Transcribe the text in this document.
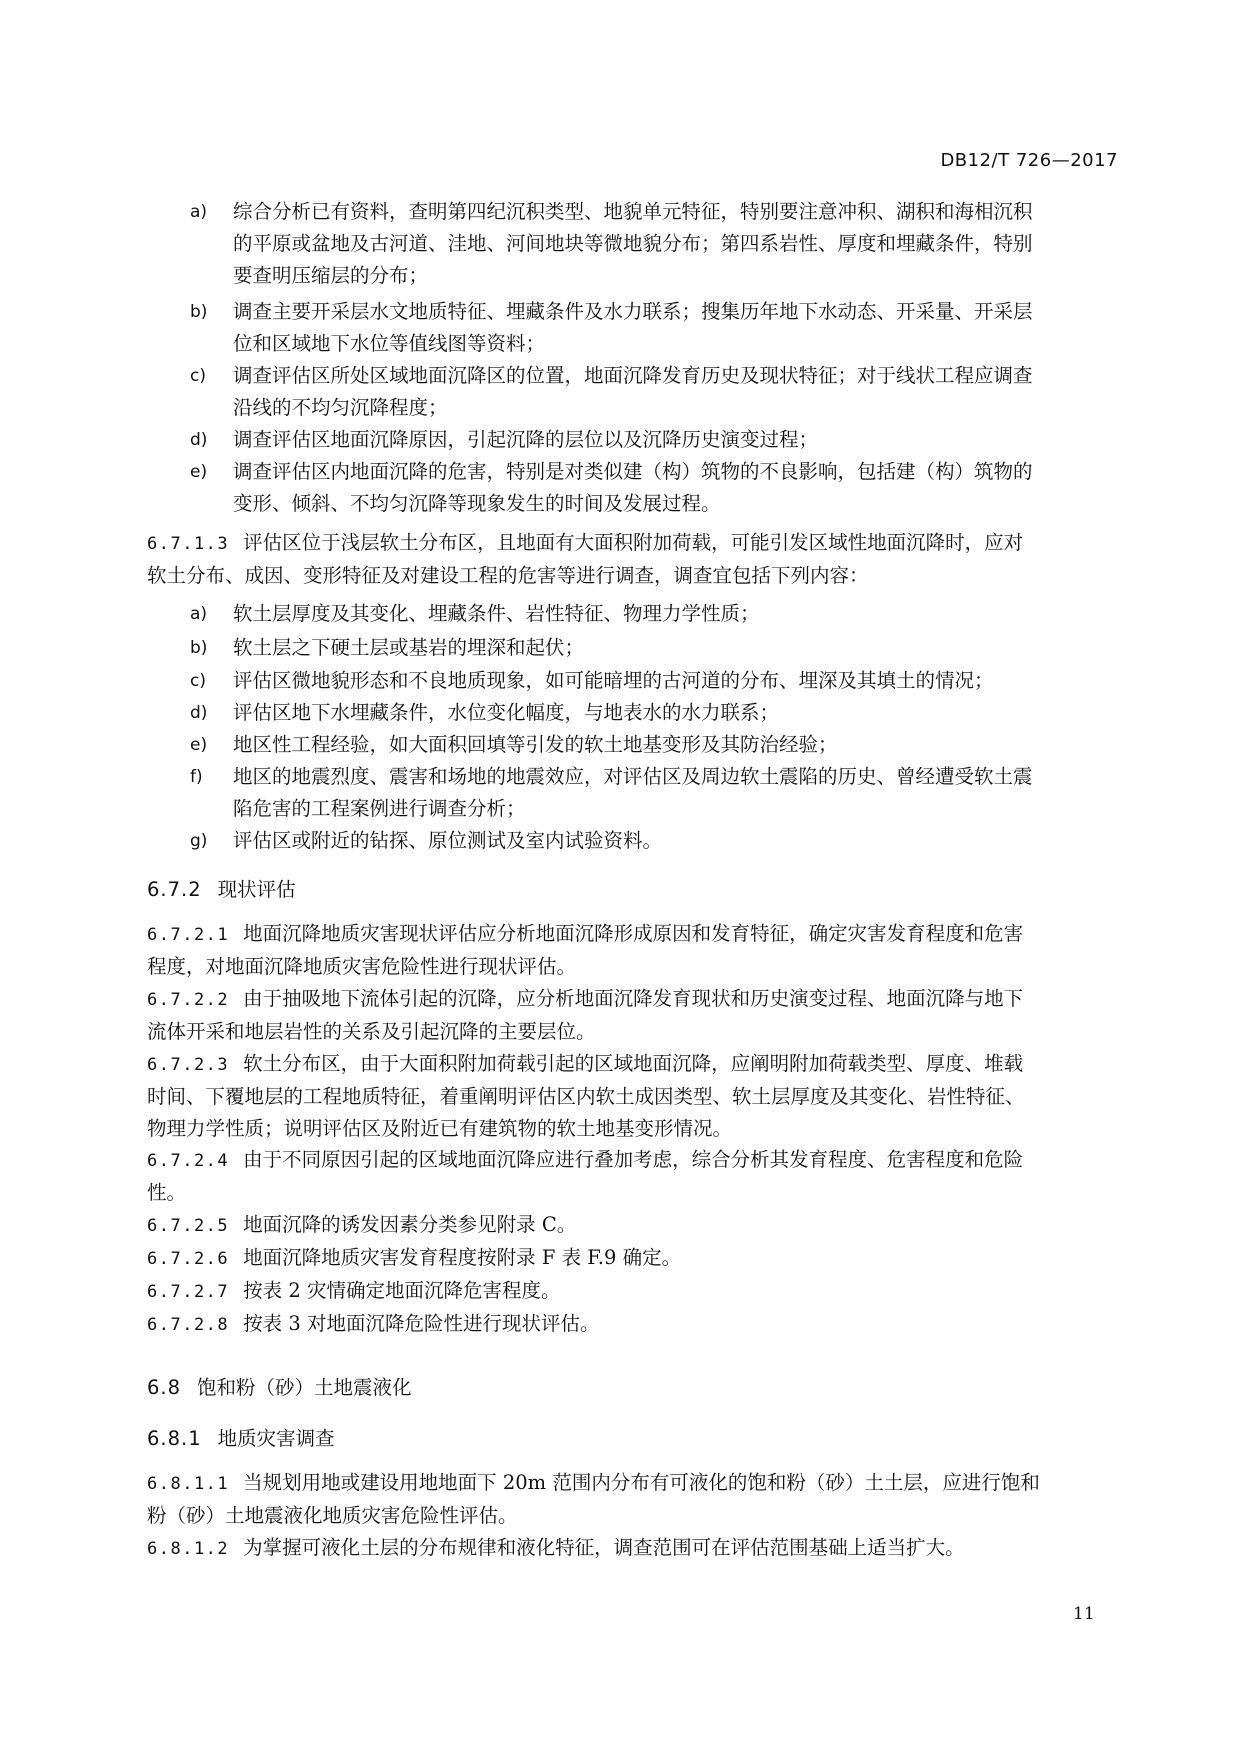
DB12/T 726—2017
a)	综合分析已有资料，查明第四纪沉积类型、地貌单元特征，特别要注意冲积、湖积和海相沉积
的平原或盆地及古河道、洼地、河间地块等微地貌分布；第四系岩性、厚度和埋藏条件，特别
要查明压缩层的分布；
b)	调查主要开采层水文地质特征、埋藏条件及水力联系；搜集历年地下水动态、开采量、开采层
位和区域地下水位等值线图等资料；
c)	调查评估区所处区域地面沉降区的位置，地面沉降发育历史及现状特征；对于线状工程应调查
沿线的不均匀沉降程度；
d)	调查评估区地面沉降原因，引起沉降的层位以及沉降历史演变过程；
e)	调查评估区内地面沉降的危害，特别是对类似建（构）筑物的不良影响，包括建（构）筑物的
变形、倾斜、不均匀沉降等现象发生的时间及发展过程。
6.7.1.3 评估区位于浅层软土分布区，且地面有大面积附加荷载，可能引发区域性地面沉降时，应对
软土分布、成因、变形特征及对建设工程的危害等进行调查，调查宜包括下列内容：
a)	软土层厚度及其变化、埋藏条件、岩性特征、物理力学性质；
b)	软土层之下硬土层或基岩的埋深和起伏；
c)	评估区微地貌形态和不良地质现象，如可能暗埋的古河道的分布、埋深及其填土的情况；
d)	评估区地下水埋藏条件，水位变化幅度，与地表水的水力联系；
e)	地区性工程经验，如大面积回填等引发的软土地基变形及其防治经验；
f)	地区的地震烈度、震害和场地的地震效应，对评估区及周边软土震陷的历史、曾经遭受软土震
陷危害的工程案例进行调查分析；
g)	评估区或附近的钻探、原位测试及室内试验资料。
6.7.2 现状评估
6.7.2.1 地面沉降地质灾害现状评估应分析地面沉降形成原因和发育特征，确定灾害发育程度和危害
程度，对地面沉降地质灾害危险性进行现状评估。
6.7.2.2 由于抽吸地下流体引起的沉降，应分析地面沉降发育现状和历史演变过程、地面沉降与地下
流体开采和地层岩性的关系及引起沉降的主要层位。
6.7.2.3 软土分布区，由于大面积附加荷载引起的区域地面沉降，应阐明附加荷载类型、厚度、堆载
时间、下覆地层的工程地质特征，着重阐明评估区内软土成因类型、软土层厚度及其变化、岩性特征、
物理力学性质；说明评估区及附近已有建筑物的软土地基变形情况。
6.7.2.4 由于不同原因引起的区域地面沉降应进行叠加考虑，综合分析其发育程度、危害程度和危险
性。
6.7.2.5 地面沉降的诱发因素分类参见附录 C。
6.7.2.6 地面沉降地质灾害发育程度按附录 F 表 F.9 确定。
6.7.2.7 按表 2 灾情确定地面沉降危害程度。
6.7.2.8 按表 3 对地面沉降危险性进行现状评估。
6.8 饱和粉（砂）土地震液化
6.8.1 地质灾害调查
6.8.1.1 当规划用地或建设用地地面下 20m 范围内分布有可液化的饱和粉（砂）土土层，应进行饱和
粉（砂）土地震液化地质灾害危险性评估。
6.8.1.2 为掌握可液化土层的分布规律和液化特征，调查范围可在评估范围基础上适当扩大。
11
